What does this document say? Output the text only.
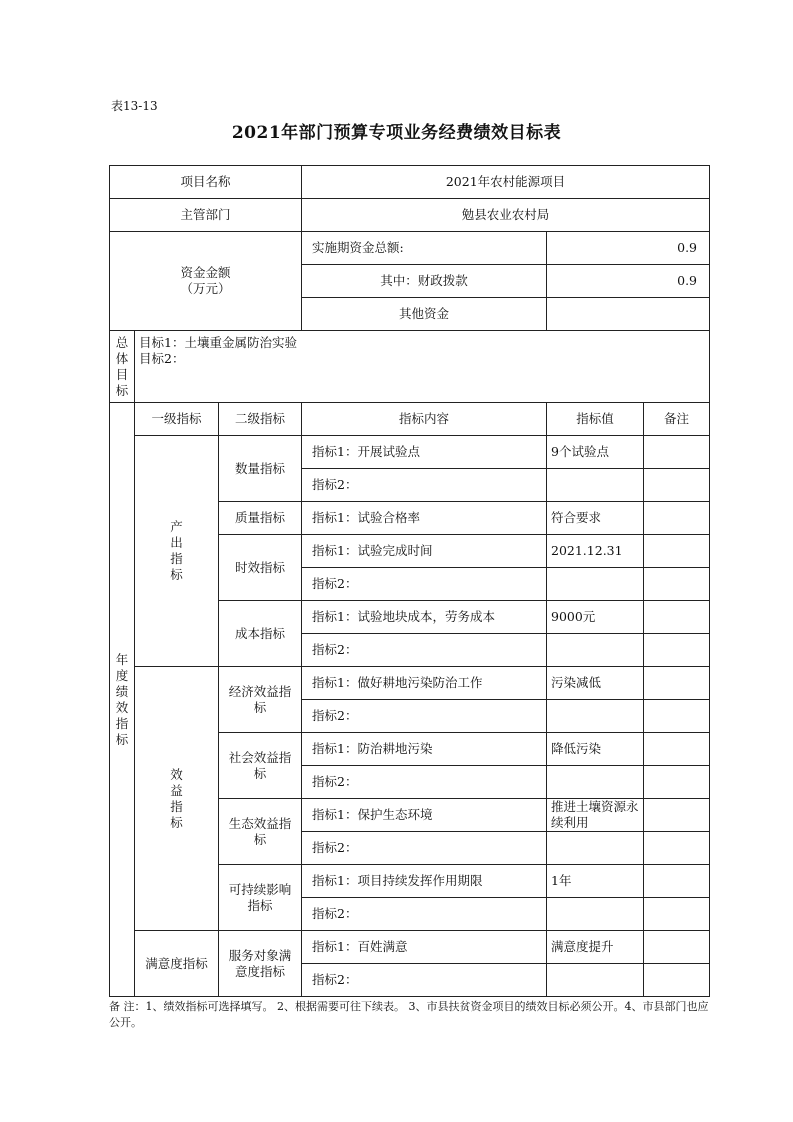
表13-13
2021年部门预算专项业务经费绩效目标表
项目名称			2021年农村能源项目		
主管部门			勉县农业农村局		

资金金额
（万元）			实施期资金总额:	0.9	
			其中：财政拨款	0.9	
			其他资金		

总体目标	目标1：土壤重金属防治实验
目标2：				

年度绩效指标	一级指标	二级指标	指标内容	指标值	备注

	产出指标	数量指标	指标1：开展试验点	9个试验点	
			指标2：		
		质量指标	指标1：试验合格率	符合要求	
		时效指标	指标1：试验完成时间	2021.12.31	
			指标2：		
		成本指标	指标1：试验地块成本，劳务成本	9000元	
			指标2：		

	效益指标	经济效益指标	指标1：做好耕地污染防治工作	污染减低	
			指标2：		
		社会效益指标	指标1：防治耕地污染	降低污染	
			指标2：		
		生态效益指标	指标1：保护生态环境	推进土壤资源永续利用	
			指标2：		
		可持续影响指标	指标1：项目持续发挥作用期限	1年	
			指标2：		
	满意度指标	服务对象满意度指标	指标1：百姓满意	满意度提升	
			指标2：		
备 注：1、绩效指标可选择填写。 2、根据需要可往下续表。 3、市县扶贫资金项目的绩效目标必须公开。4、市县部门也应公开。
